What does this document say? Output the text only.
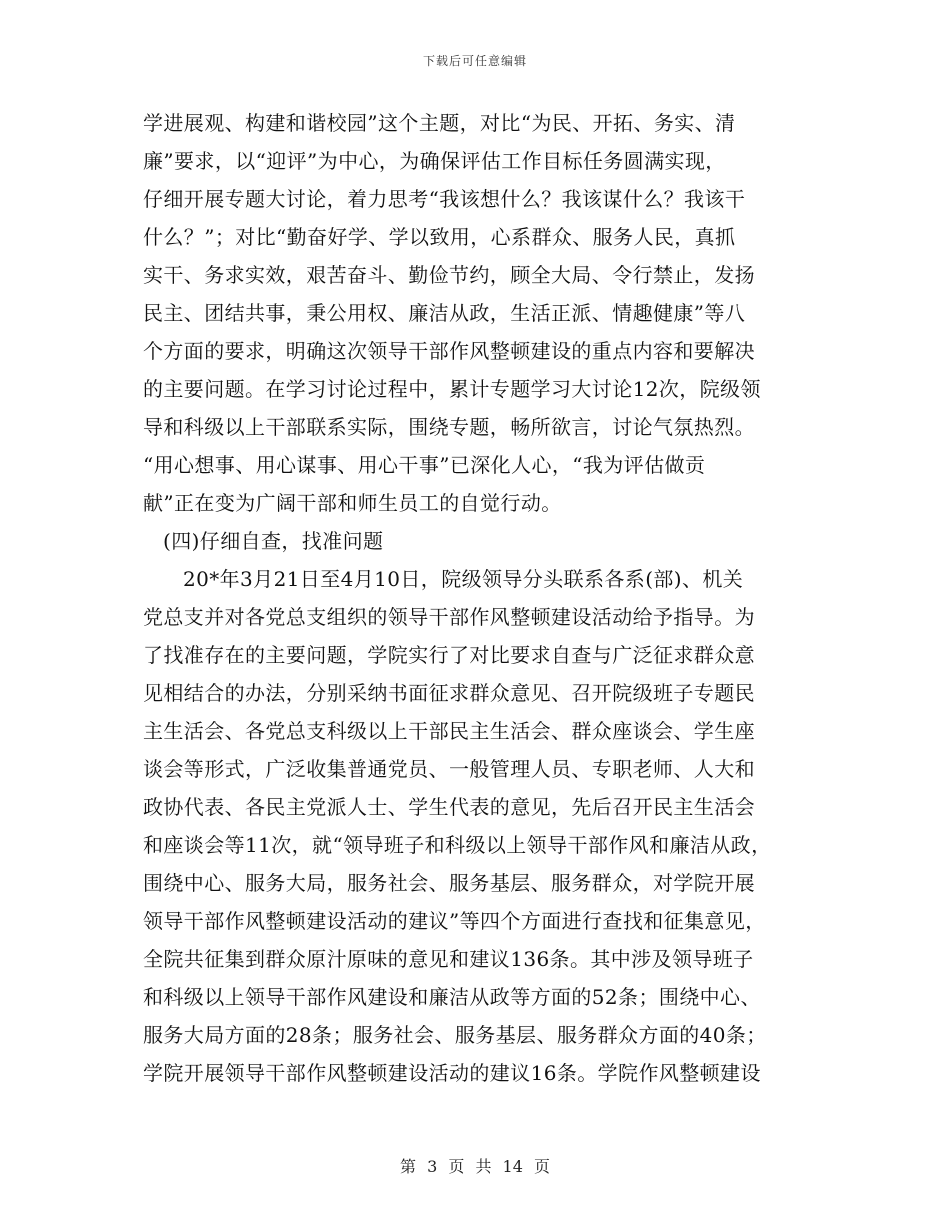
下载后可任意编辑
学进展观、构建和谐校园”这个主题，对比“为民、开拓、务实、清
廉”要求，以“迎评”为中心，为确保评估工作目标任务圆满实现，
仔细开展专题大讨论，着力思考“我该想什么？我该谋什么？我该干
什么？”；对比“勤奋好学、学以致用，心系群众、服务人民，真抓
实干、务求实效，艰苦奋斗、勤俭节约，顾全大局、令行禁止，发扬
民主、团结共事，秉公用权、廉洁从政，生活正派、情趣健康”等八
个方面的要求，明确这次领导干部作风整顿建设的重点内容和要解决
的主要问题。在学习讨论过程中，累计专题学习大讨论12次，院级领
导和科级以上干部联系实际，围绕专题，畅所欲言，讨论气氛热烈。
“用心想事、用心谋事、用心干事”已深化人心，“我为评估做贡
献”正在变为广阔干部和师生员工的自觉行动。
(四)仔细自查，找准问题
20*年3月21日至4月10日，院级领导分头联系各系(部)、机关
党总支并对各党总支组织的领导干部作风整顿建设活动给予指导。为
了找准存在的主要问题，学院实行了对比要求自查与广泛征求群众意
见相结合的办法，分别采纳书面征求群众意见、召开院级班子专题民
主生活会、各党总支科级以上干部民主生活会、群众座谈会、学生座
谈会等形式，广泛收集普通党员、一般管理人员、专职老师、人大和
政协代表、各民主党派人士、学生代表的意见，先后召开民主生活会
和座谈会等11次，就“领导班子和科级以上领导干部作风和廉洁从政，
围绕中心、服务大局，服务社会、服务基层、服务群众，对学院开展
领导干部作风整顿建设活动的建议”等四个方面进行查找和征集意见，
全院共征集到群众原汁原味的意见和建议136条。其中涉及领导班子
和科级以上领导干部作风建设和廉洁从政等方面的52条；围绕中心、
服务大局方面的28条；服务社会、服务基层、服务群众方面的40条；
学院开展领导干部作风整顿建设活动的建议16条。学院作风整顿建设
第 3 页 共 14 页
